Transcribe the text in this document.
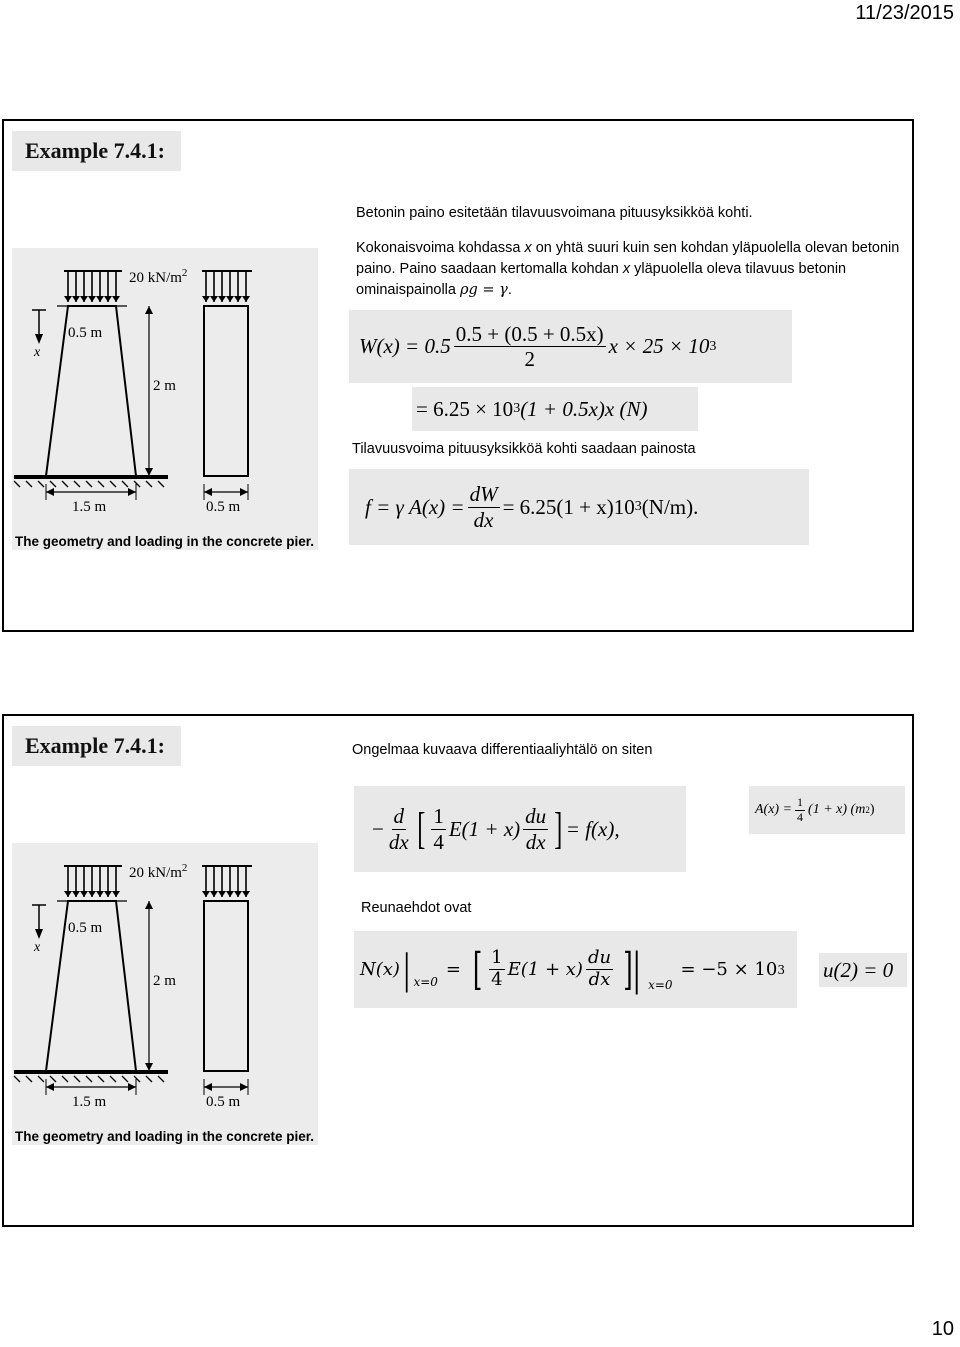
11/23/2015
Example 7.4.1:
20 $kN/m^2$
0.5 m
x
2 m
1.5 m	0.5 m
The geometry and loading in the concrete pier.
Betonin paino esitetään tilavuusvoimana pituusyksikköä kohti.
Kokonaisvoima kohdassa x on yhtä suuri kuin sen kohdan yläpuolella olevan betonin paino. Paino saadaan kertomalla kohdan x yläpuolella oleva tilavuus betonin ominaispainolla ρg = γ.
$W(x) = 0.5 \frac{0.5 + (0.5 + 0.5x)}{2}$ x × 25 × 10 3
= 6.25 × 10 3 (1 + 0.5x)x (N)
Tilavuusvoima pituusyksikköä kohti saadaan painosta
f = γ $A(x) = \frac{dW}{dx} = 6.25(1 + x)10$ 3 (N/m).
Example 7.4.1:
20 $kN/m^2$
0.5 m
x
2 m
1.5 m	0.5 m
The geometry and loading in the concrete pier.
Ongelmaa kuvaava differentiaaliyhtälö on siten
− $\frac{d}{dx}$ [ $\frac{1}{4} E(1 + x) \frac{du}{dx}$ ] = f(x),
$A(x) = \frac{1}{4} (1 + x)$ (m 2 )
Reunaehdot ovat
N(x) | $_{x=0}$
= [ $\frac{1}{4} E(1 + x) \frac{du}{dx}$ ]| $_{x=0}$
= −5 × 10 3 u(2) = 0
10
